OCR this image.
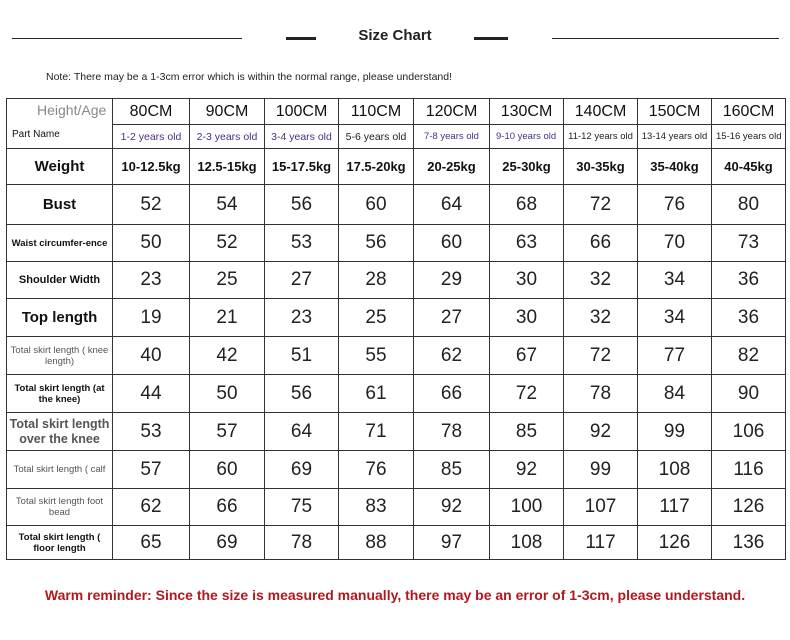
Size Chart
Note: There may be a 1-3cm error which is within the normal range, please understand!
Height/Age
Part Name	80CM	90CM	100CM	110CM	120CM	130CM	140CM	150CM	160CM
	1-2 years old	2-3 years old	3-4 years old	5-6 years old	7-8 years old	9-10 years old	11-12 years old	13-14 years old	15-16 years old
Weight	10-12.5kg	12.5-15kg	15-17.5kg	17.5-20kg	20-25kg	25-30kg	30-35kg	35-40kg	40-45kg
Bust	52	54	56	60	64	68	72	76	80
Waist circumfer-ence	50	52	53	56	60	63	66	70	73
Shoulder Width	23	25	27	28	29	30	32	34	36
Top length	19	21	23	25	27	30	32	34	36
Total skirt length ( knee length)	40	42	51	55	62	67	72	77	82
Total skirt length (at the knee)	44	50	56	61	66	72	78	84	90
Total skirt length over the knee	53	57	64	71	78	85	92	99	106
Total skirt length ( calf	57	60	69	76	85	92	99	108	116
Total skirt length foot bead	62	66	75	83	92	100	107	117	126
Total skirt length ( floor length	65	69	78	88	97	108	117	126	136
Warm reminder: Since the size is measured manually, there may be an error of 1-3cm, please understand.
